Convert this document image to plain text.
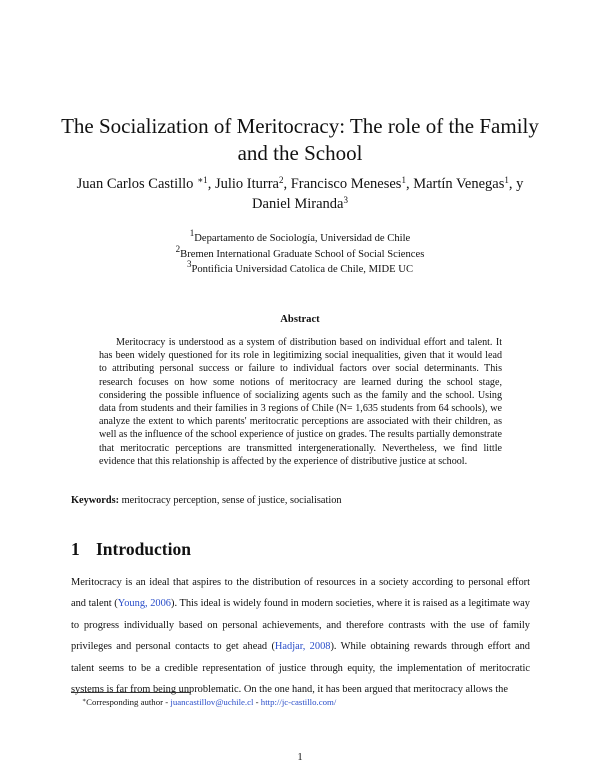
The Socialization of Meritocracy: The role of the Family and the School
Juan Carlos Castillo $^{∗1}$, Julio Iturra$^2$, Francisco Meneses$^1$, Martín Venegas$^1$, y
Daniel Miranda$^3$
$^1$Departamento de Sociología, Universidad de Chile
$^2$Bremen International Graduate School of Social Sciences
$^3$Pontificia Universidad Catolica de Chile, MIDE UC
Abstract
Meritocracy is understood as a system of distribution based on individual effort and talent. It has been widely questioned for its role in legitimizing social inequalities, given that it would lead to attributing personal success or failure to individual factors over social determinants. This research focuses on how some notions of meritocracy are learned during the school stage, considering the possible influence of socializing agents such as the family and the school. Using data from students and their families in 3 regions of Chile (N= 1,635 students from 64 schools), we analyze the extent to which parents' meritocratic perceptions are associated with their children, as well as the influence of the school experience of justice on grades. The results partially demonstrate that meritocratic perceptions are transmitted intergenerationally. Nevertheless, we find little evidence that this relationship is affected by the experience of distributive justice at school.
Keywords: meritocracy perception, sense of justice, socialisation
1 Introduction
Meritocracy is an ideal that aspires to the distribution of resources in a society according to personal effort and talent (Young, 2006). This ideal is widely found in modern societies, where it is raised as a legitimate way to progress individually based on personal achievements, and therefore contrasts with the use of family privileges and personal contacts to get ahead (Hadjar, 2008). While obtaining rewards through effort and talent seems to be a credible representation of justice through equity, the implementation of meritocratic systems is far from being unproblematic. On the one hand, it has been argued that meritocracy allows the
∗Corresponding author - juancastillov@uchile.cl - http://jc-castillo.com/
1
